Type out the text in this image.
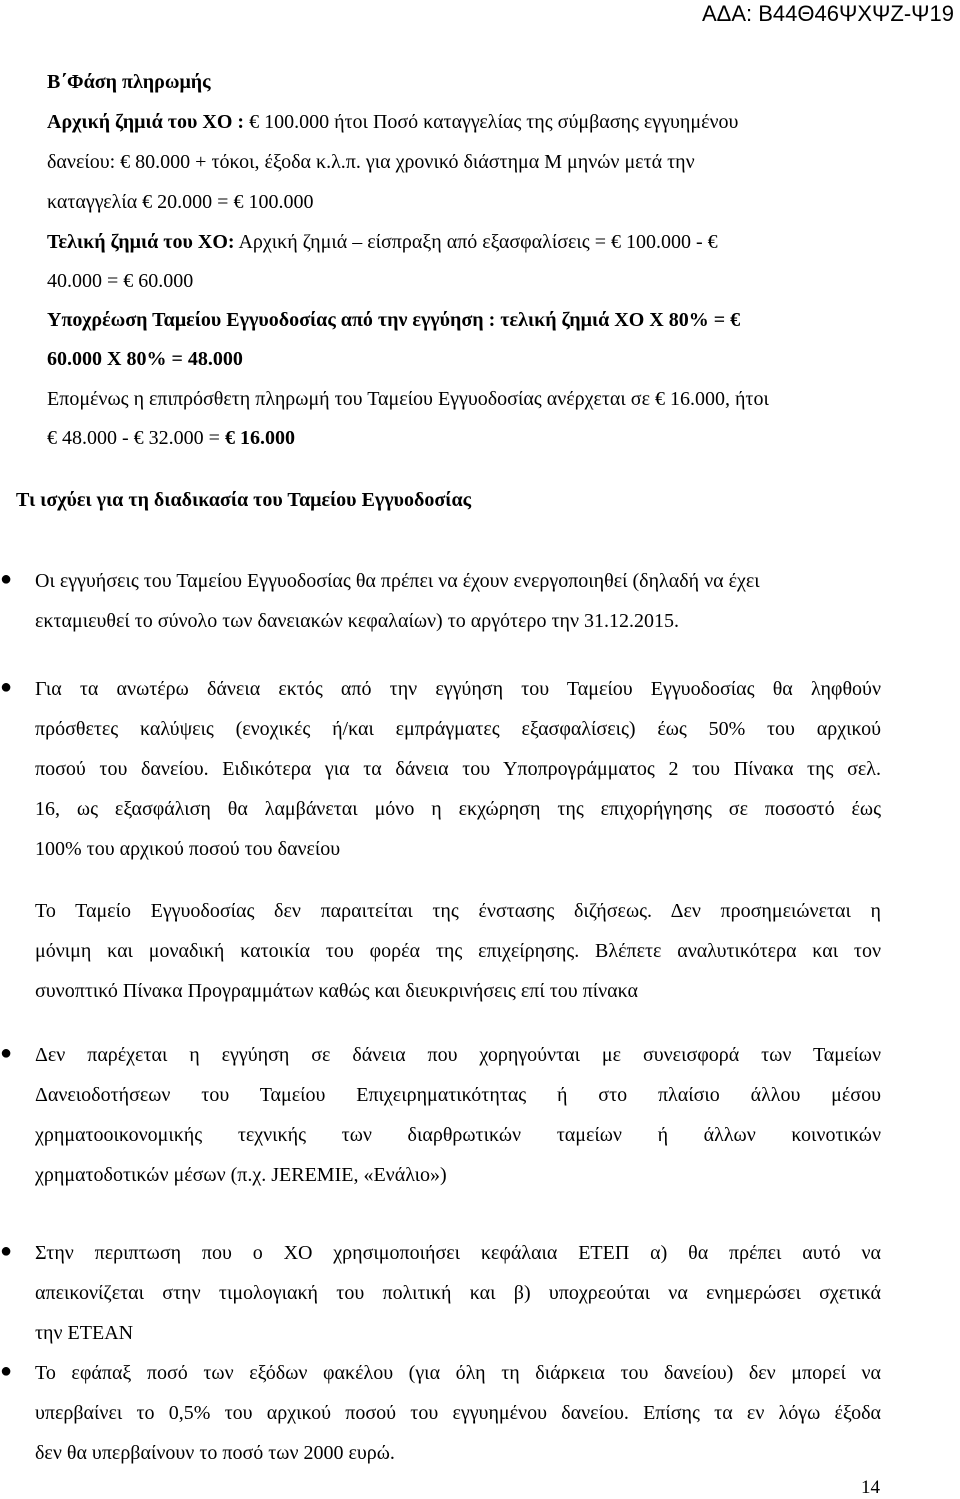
ΑΔΑ: Β44Θ46ΨΧΨΖ-Ψ19
Β΄Φάση πληρωμής
Αρχική ζημιά του ΧΟ : € 100.000 ήτοι Ποσό καταγγελίας της σύμβασης εγγυημένου
δανείου: € 80.000 + τόκοι, έξοδα κ.λ.π. για χρονικό διάστημα Μ μηνών μετά την
καταγγελία € 20.000 = € 100.000
Τελική ζημιά του ΧΟ: Αρχική ζημιά – είσπραξη από εξασφαλίσεις = € 100.000 - €
40.000 = € 60.000
Υποχρέωση Ταμείου Εγγυοδοσίας από την εγγύηση : τελική ζημιά ΧΟ Χ 80% = €
60.000 Χ 80% = 48.000
Επομένως η επιπρόσθετη πληρωμή του Ταμείου Εγγυοδοσίας ανέρχεται σε € 16.000, ήτοι
€ 48.000 - € 32.000 = € 16.000
Τι ισχύει για τη διαδικασία του Ταμείου Εγγυοδοσίας
● Οι εγγυήσεις του Ταμείου Εγγυοδοσίας θα πρέπει να έχουν ενεργοποιηθεί (δηλαδή να έχει
εκταμιευθεί το σύνολο των δανειακών κεφαλαίων) το αργότερο την 31.12.2015.
● Για τα ανωτέρω δάνεια εκτός από την εγγύηση του Ταμείου Εγγυοδοσίας θα ληφθούν
πρόσθετες καλύψεις (ενοχικές ή/και εμπράγματες εξασφαλίσεις) έως 50% του αρχικού
ποσού του δανείου. Ειδικότερα για τα δάνεια του Υποπρογράμματος 2 του Πίνακα της σελ.
16, ως εξασφάλιση θα λαμβάνεται μόνο η εκχώρηση της επιχορήγησης σε ποσοστό έως
100% του αρχικού ποσού του δανείου
Το Ταμείο Εγγυοδοσίας δεν παραιτείται της ένστασης διζήσεως. Δεν προσημειώνεται η
μόνιμη και μοναδική κατοικία του φορέα της επιχείρησης. Βλέπετε αναλυτικότερα και τον
συνοπτικό Πίνακα Προγραμμάτων καθώς και διευκρινήσεις επί του πίνακα
● Δεν παρέχεται η εγγύηση σε δάνεια που χορηγούνται με συνεισφορά των Ταμείων
Δανειοδοτήσεων του Ταμείου Επιχειρηματικότητας ή στο πλαίσιο άλλου μέσου
χρηματοοικονομικής τεχνικής των διαρθρωτικών ταμείων ή άλλων κοινοτικών
χρηματοδοτικών μέσων (π.χ. JEREMIE, «Ενάλιο»)
● Στην περιπτωση που ο ΧΟ χρησιμοποιήσει κεφάλαια ΕΤΕΠ α) θα πρέπει αυτό να
απεικονίζεται στην τιμολογιακή του πολιτική και β) υποχρεούται να ενημερώσει σχετικά
την ΕΤΕΑΝ
● Το εφάπαξ ποσό των εξόδων φακέλου (για όλη τη διάρκεια του δανείου) δεν μπορεί να
υπερβαίνει το 0,5% του αρχικού ποσού του εγγυημένου δανείου. Επίσης τα εν λόγω έξοδα
δεν θα υπερβαίνουν το ποσό των 2000 ευρώ.
14
